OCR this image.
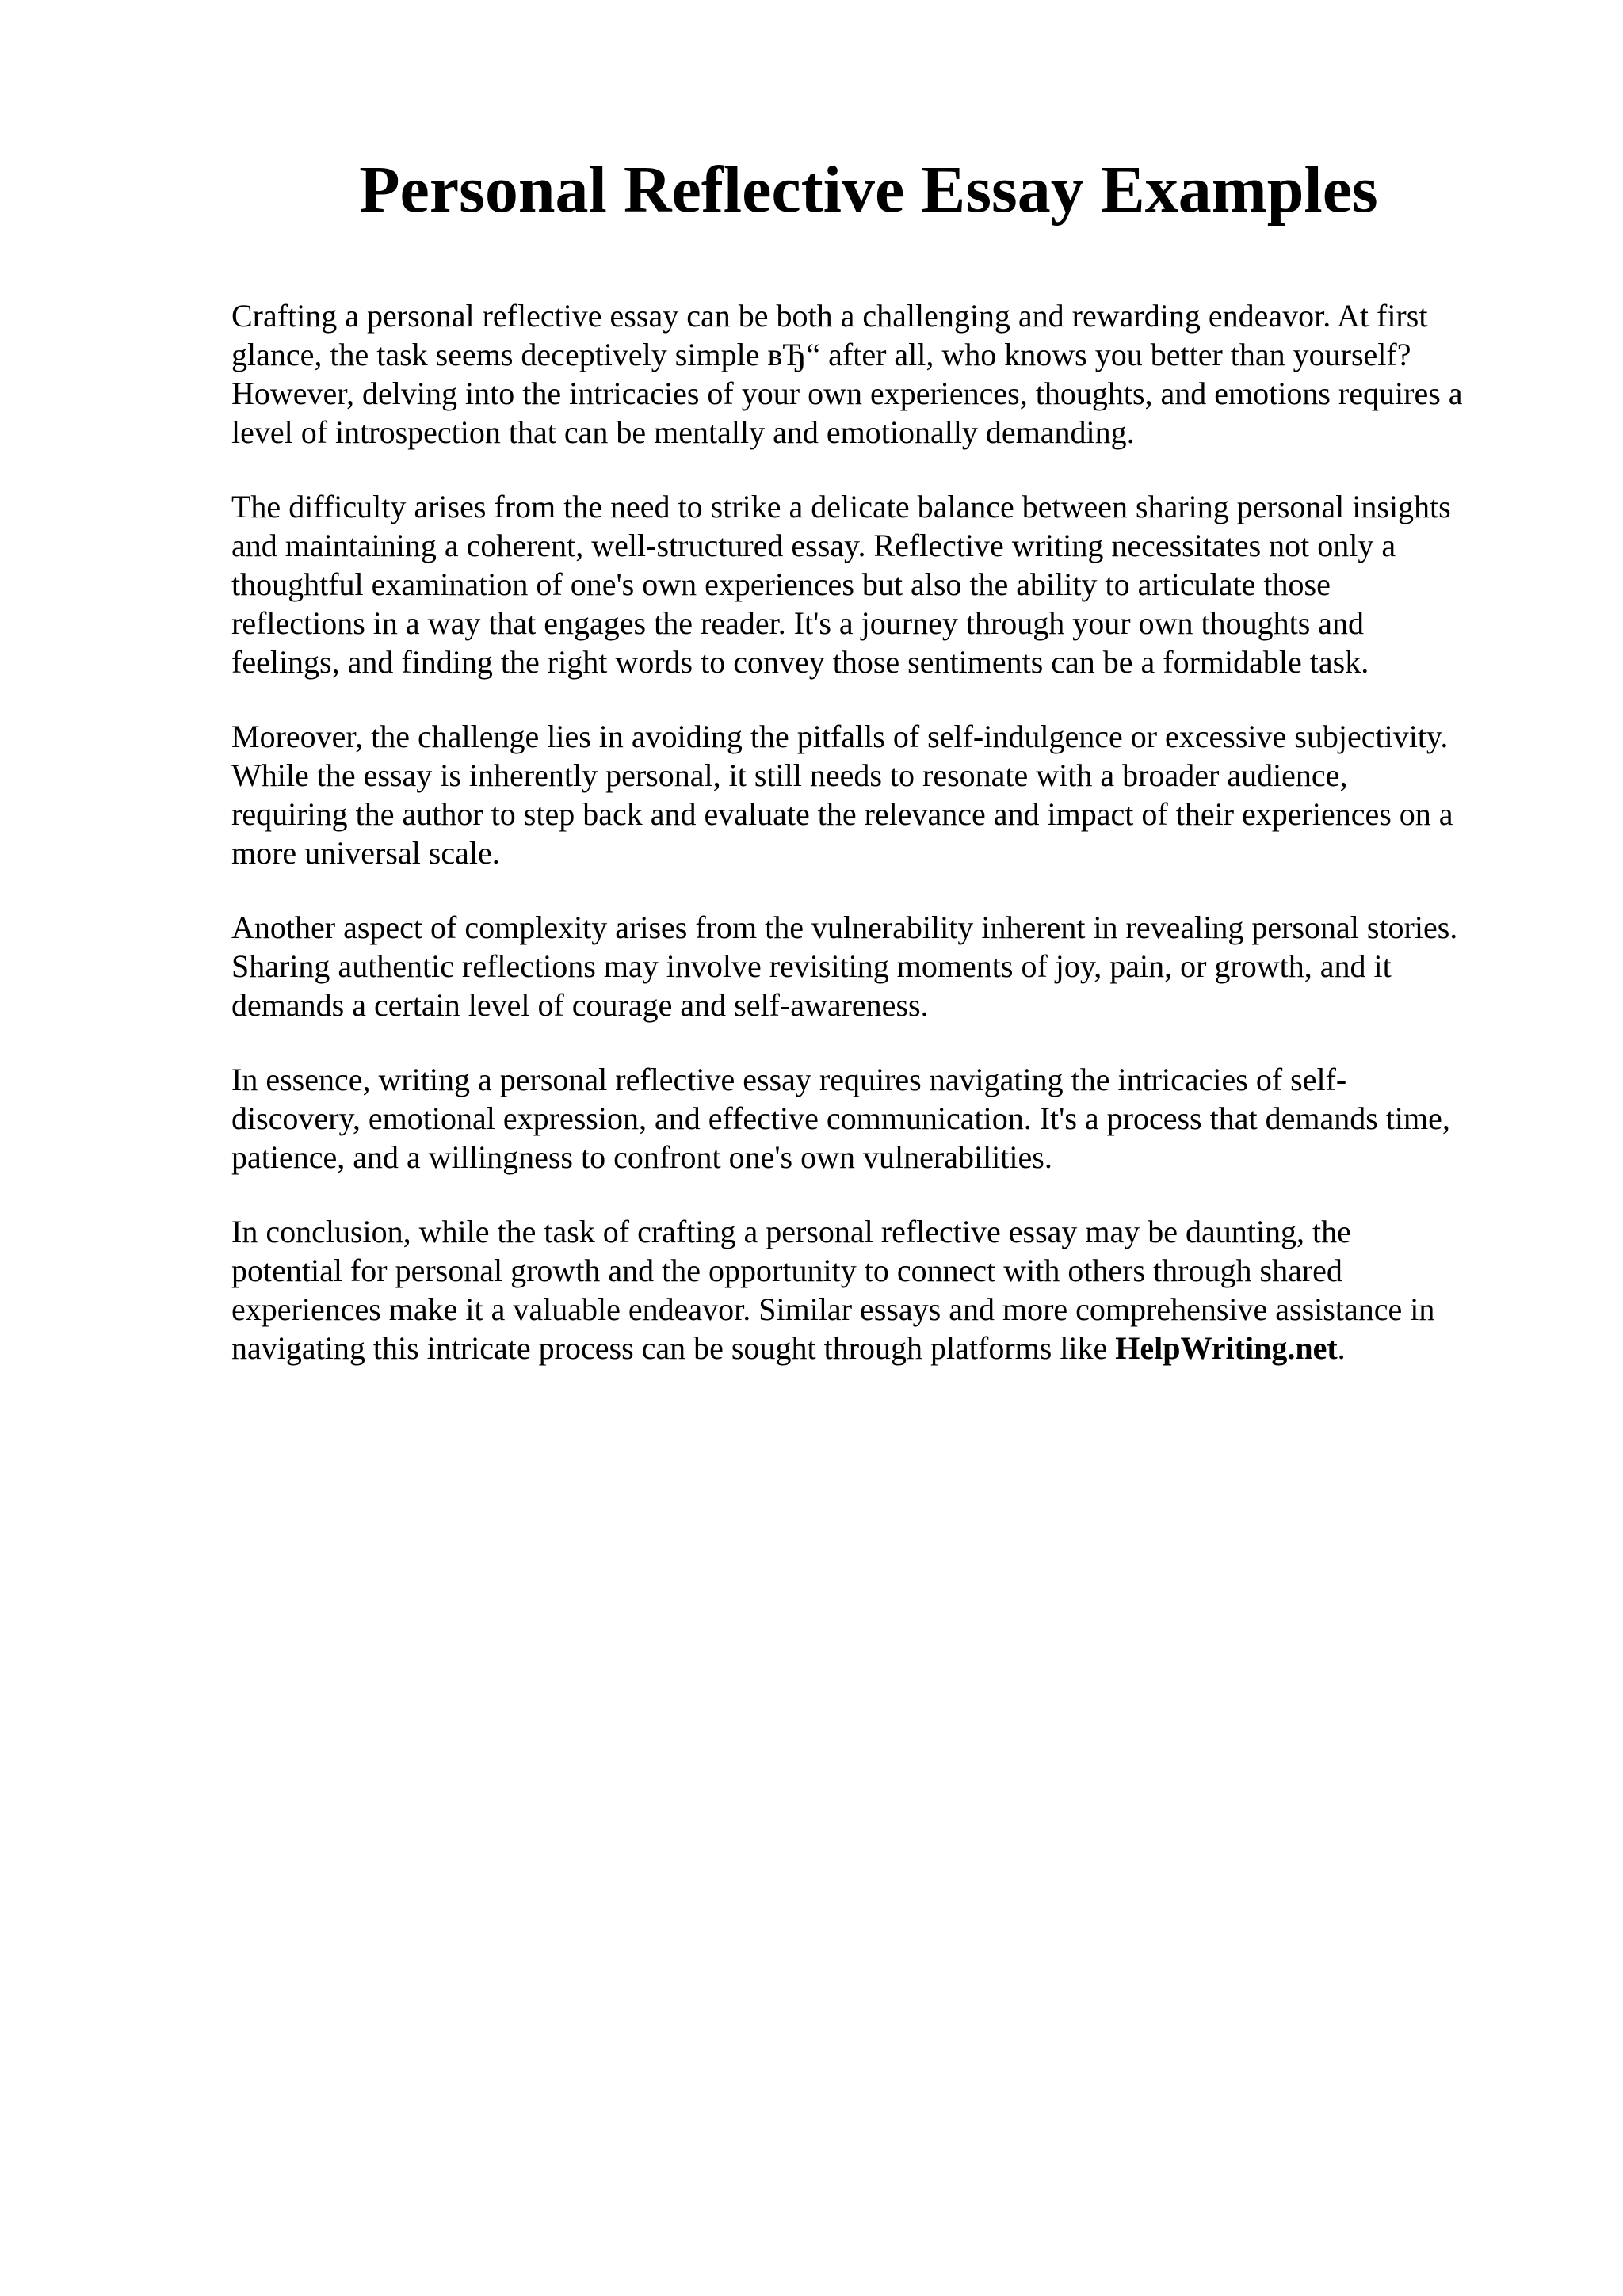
Personal Reflective Essay Examples

Crafting a personal reflective essay can be both a challenging and rewarding endeavor. At first
glance, the task seems deceptively simple вЂ“ after all, who knows you better than yourself?
However, delving into the intricacies of your own experiences, thoughts, and emotions requires a
level of introspection that can be mentally and emotionally demanding.

The difficulty arises from the need to strike a delicate balance between sharing personal insights
and maintaining a coherent, well-structured essay. Reflective writing necessitates not only a
thoughtful examination of one's own experiences but also the ability to articulate those
reflections in a way that engages the reader. It's a journey through your own thoughts and
feelings, and finding the right words to convey those sentiments can be a formidable task.

Moreover, the challenge lies in avoiding the pitfalls of self-indulgence or excessive subjectivity.
While the essay is inherently personal, it still needs to resonate with a broader audience,
requiring the author to step back and evaluate the relevance and impact of their experiences on a
more universal scale.

Another aspect of complexity arises from the vulnerability inherent in revealing personal stories.
Sharing authentic reflections may involve revisiting moments of joy, pain, or growth, and it
demands a certain level of courage and self-awareness.

In essence, writing a personal reflective essay requires navigating the intricacies of self-
discovery, emotional expression, and effective communication. It's a process that demands time,
patience, and a willingness to confront one's own vulnerabilities.

In conclusion, while the task of crafting a personal reflective essay may be daunting, the
potential for personal growth and the opportunity to connect with others through shared
experiences make it a valuable endeavor. Similar essays and more comprehensive assistance in
navigating this intricate process can be sought through platforms like HelpWriting.net.
